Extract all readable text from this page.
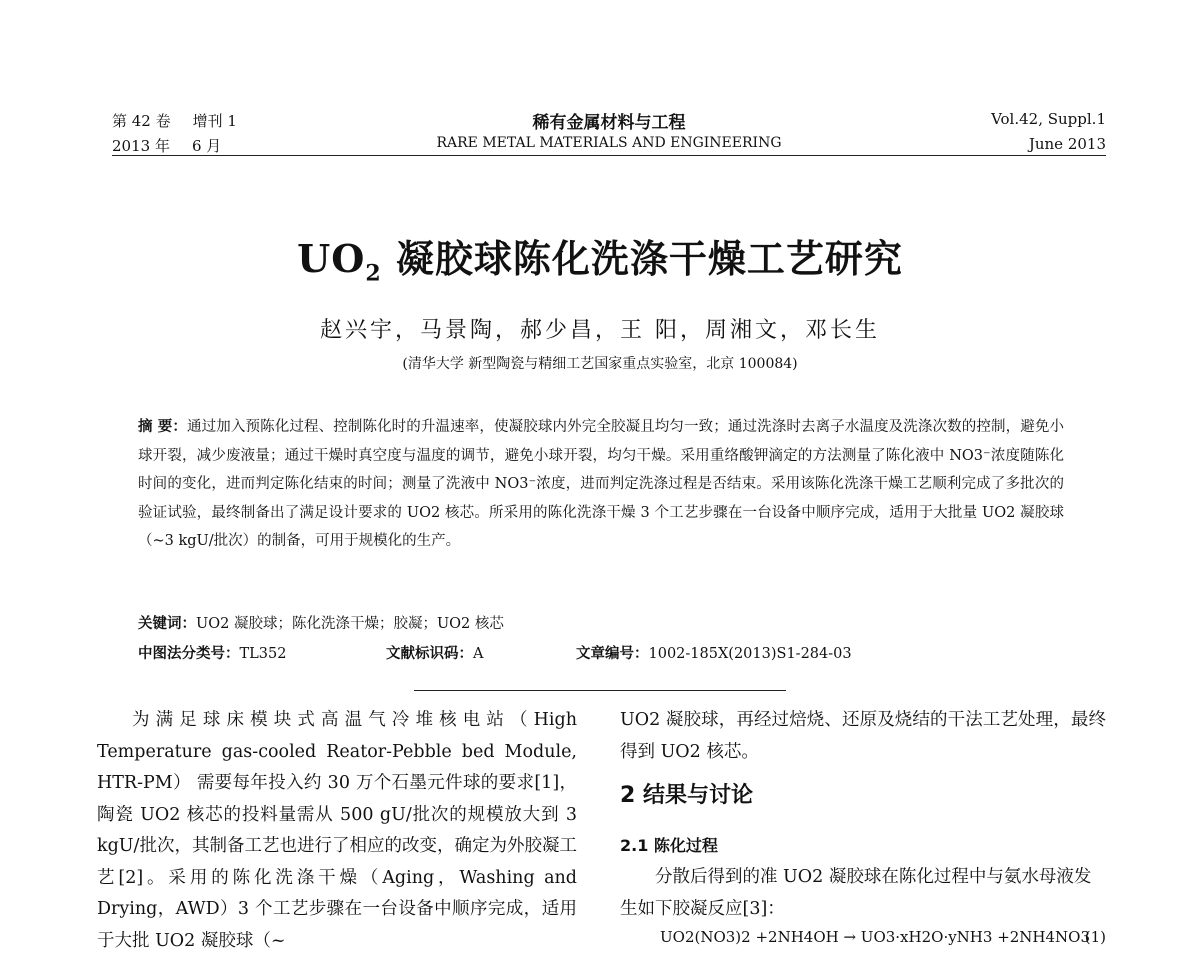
第 42 卷 增刊 1
2013 年 6 月
稀有金属材料与工程
RARE METAL MATERIALS AND ENGINEERING
Vol.42, Suppl.1
June 2013
$UO_2$ 凝胶球陈化洗涤干燥工艺研究
赵兴宇，马景陶，郝少昌，王 阳，周湘文，邓长生
(清华大学 新型陶瓷与精细工艺国家重点实验室，北京 100084)
摘 要：通过加入预陈化过程、控制陈化时的升温速率，使凝胶球内外完全胶凝且均匀一致；通过洗涤时去离子水温度及洗涤次数的控制，避免小球开裂，减少废液量；通过干燥时真空度与温度的调节，避免小球开裂，均匀干燥。采用重络酸钾滴定的方法测量了陈化液中 NO3⁻浓度随陈化时间的变化，进而判定陈化结束的时间；测量了洗液中 NO3⁻浓度，进而判定洗涤过程是否结束。采用该陈化洗涤干燥工艺顺利完成了多批次的验证试验，最终制备出了满足设计要求的 UO2 核芯。所采用的陈化洗涤干燥 3 个工艺步骤在一台设备中顺序完成，适用于大批量 UO2 凝胶球（~3 kgU/批次）的制备，可用于规模化的生产。
关键词：UO2 凝胶球；陈化洗涤干燥；胶凝；UO2 核芯
中图法分类号：TL352	文献标识码：A	文章编号：1002-185X(2013)S1-284-03

为满足球床模块式高温气冷堆核电站（High Temperature gas-cooled Reator-Pebble bed Module, HTR-PM） 需要每年投入约 30 万个石墨元件球的要求[1]，陶瓷 UO2 核芯的投料量需从 500 gU/批次的规模放大到 3 kgU/批次，其制备工艺也进行了相应的改变，确定为外胶凝工艺[2]。采用的陈化洗涤干燥（Aging，Washing and Drying，AWD）3 个工艺步骤在一台设备中顺序完成，适用于大批 UO2 凝胶球（~

UO2 凝胶球，再经过焙烧、还原及烧结的干法工艺处理，最终得到 UO2 核芯。

2 结果与讨论
2.1 陈化过程
分散后得到的准 UO2 凝胶球在陈化过程中与氨水母液发生如下胶凝反应[3]：
UO2(NO3)2 +2NH4OH → UO3·xH2O·yNH3 +2NH4NO3
(1)
